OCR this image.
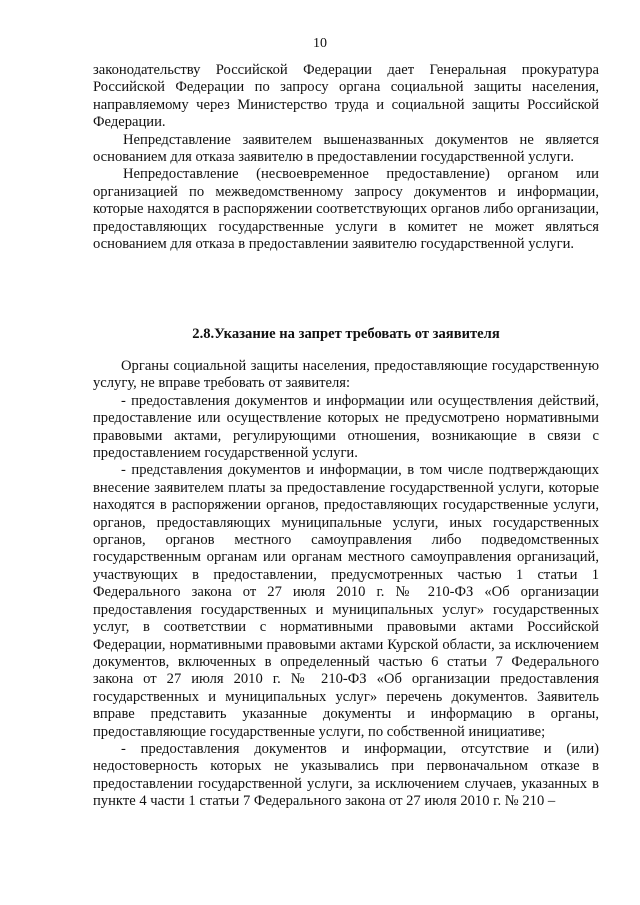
10

законодательству Российской Федерации дает Генеральная прокуратура Российской Федерации по запросу органа социальной защиты населения, направляемому через Министерство труда и социальной защиты Российской Федерации.

Непредставление заявителем вышеназванных документов не является основанием для отказа заявителю в предоставлении государственной услуги.

Непредоставление (несвоевременное предоставление) органом или организацией по межведомственному запросу документов и информации, которые находятся в распоряжении соответствующих органов либо организации, предоставляющих государственные услуги в комитет не может являться основанием для отказа в предоставлении заявителю государственной услуги.

2.8.Указание на запрет требовать от заявителя

Органы социальной защиты населения, предоставляющие государственную услугу, не вправе требовать от заявителя:

- предоставления документов и информации или осуществления действий, предоставление или осуществление которых не предусмотрено нормативными правовыми актами, регулирующими отношения, возникающие в связи с предоставлением государственной услуги.

- представления документов и информации, в том числе подтверждающих внесение заявителем платы за предоставление государственной услуги, которые находятся в распоряжении органов, предоставляющих государственные услуги, органов, предоставляющих муниципальные услуги, иных государственных органов, органов местного самоуправления либо подведомственных государственным органам или органам местного самоуправления организаций, участвующих в предоставлении, предусмотренных частью 1 статьи 1 Федерального закона от 27 июля 2010 г. № 210-ФЗ «Об организации предоставления государственных и муниципальных услуг» государственных услуг, в соответствии с нормативными правовыми актами Российской Федерации, нормативными правовыми актами Курской области, за исключением документов, включенных в определенный частью 6 статьи 7 Федерального закона от 27 июля 2010 г. № 210-ФЗ «Об организации предоставления государственных и муниципальных услуг» перечень документов. Заявитель вправе представить указанные документы и информацию в органы, предоставляющие государственные услуги, по собственной инициативе;

- предоставления документов и информации, отсутствие и (или) недостоверность которых не указывались при первоначальном отказе в предоставлении государственной услуги, за исключением случаев, указанных в пункте 4 части 1 статьи 7 Федерального закона от 27 июля 2010 г. № 210 –
